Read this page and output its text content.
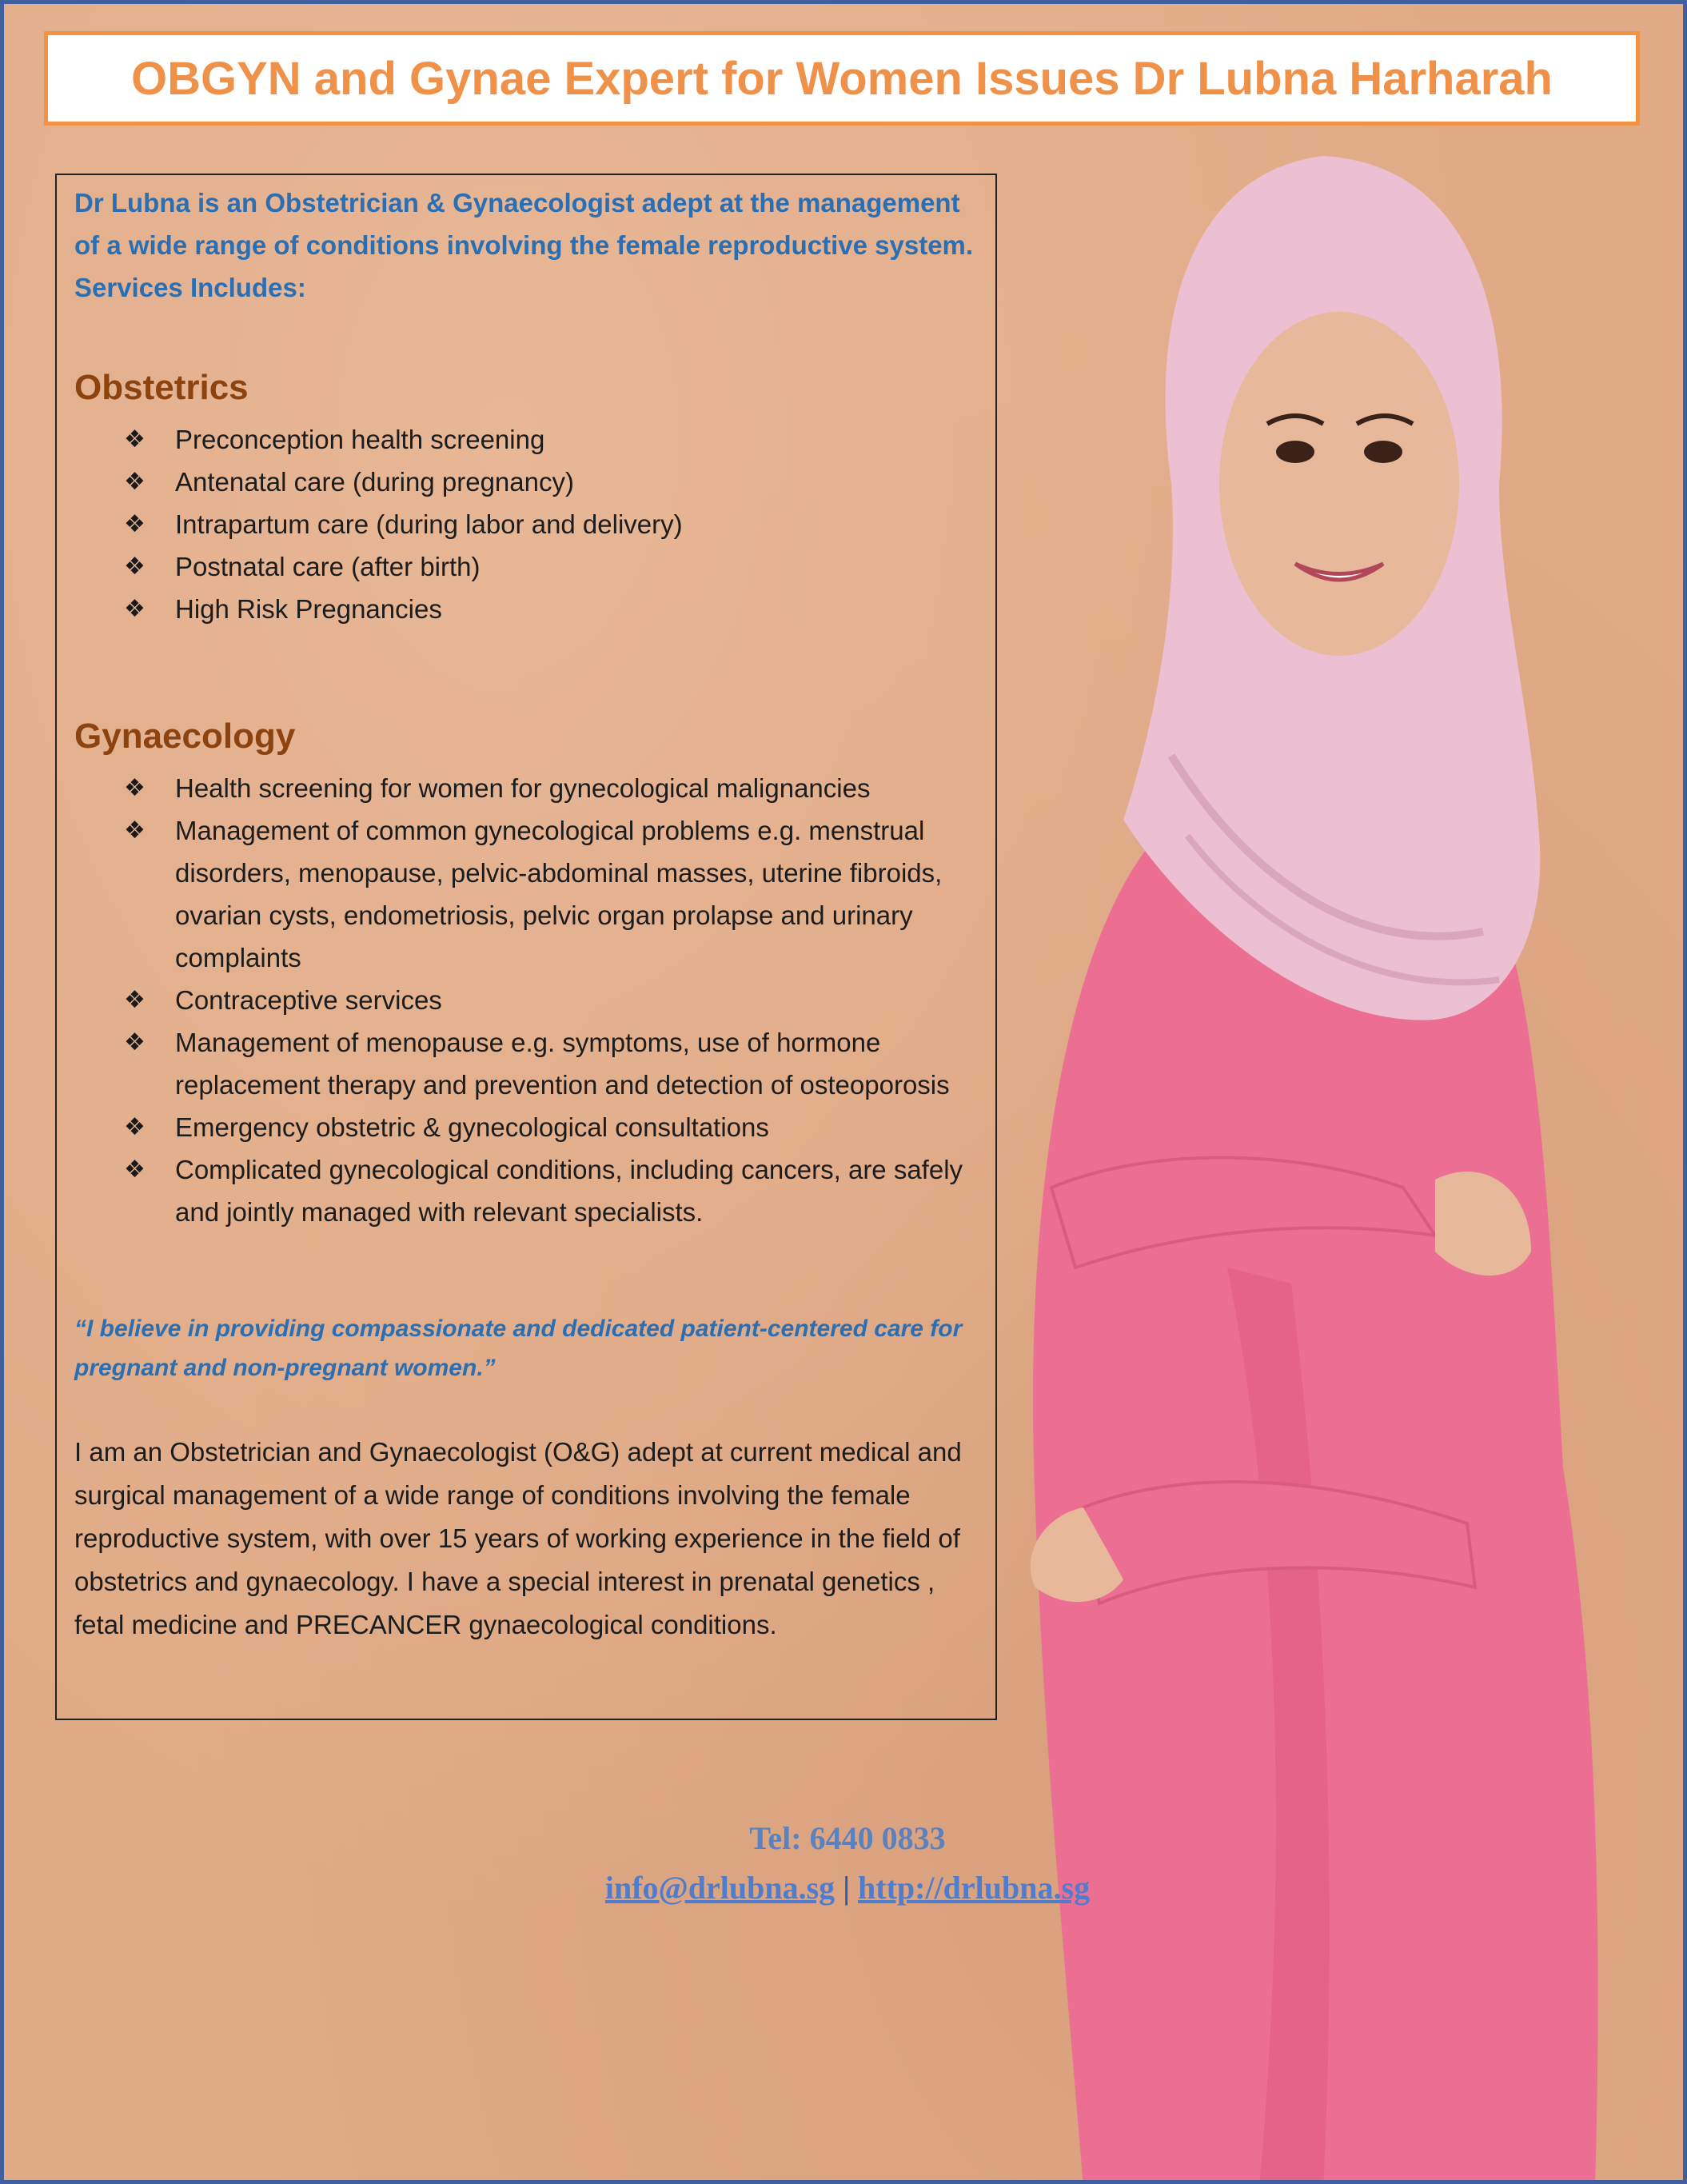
OBGYN and Gynae Expert for Women Issues Dr Lubna Harharah
Dr Lubna is an Obstetrician & Gynaecologist adept at the management of a wide range of conditions involving the female reproductive system. Services Includes:
Obstetrics
❖ Preconception health screening
❖ Antenatal care (during pregnancy)
❖ Intrapartum care (during labor and delivery)
❖ Postnatal care (after birth)
❖ High Risk Pregnancies
Gynaecology
❖ Health screening for women for gynecological malignancies
❖ Management of common gynecological problems e.g. menstrual disorders, menopause, pelvic-abdominal masses, uterine fibroids, ovarian cysts, endometriosis, pelvic organ prolapse and urinary complaints
❖ Contraceptive services
❖ Management of menopause e.g. symptoms, use of hormone replacement therapy and prevention and detection of osteoporosis
❖ Emergency obstetric & gynecological consultations
❖ Complicated gynecological conditions, including cancers, are safely and jointly managed with relevant specialists.
“I believe in providing compassionate and dedicated patient-centered care for pregnant and non-pregnant women.”
I am an Obstetrician and Gynaecologist (O&G) adept at current medical and surgical management of a wide range of conditions involving the female reproductive system, with over 15 years of working experience in the field of obstetrics and gynaecology. I have a special interest in prenatal genetics , fetal medicine and PRECANCER gynaecological conditions.
Tel: 6440 0833
info@drlubna.sg | http://drlubna.sg
